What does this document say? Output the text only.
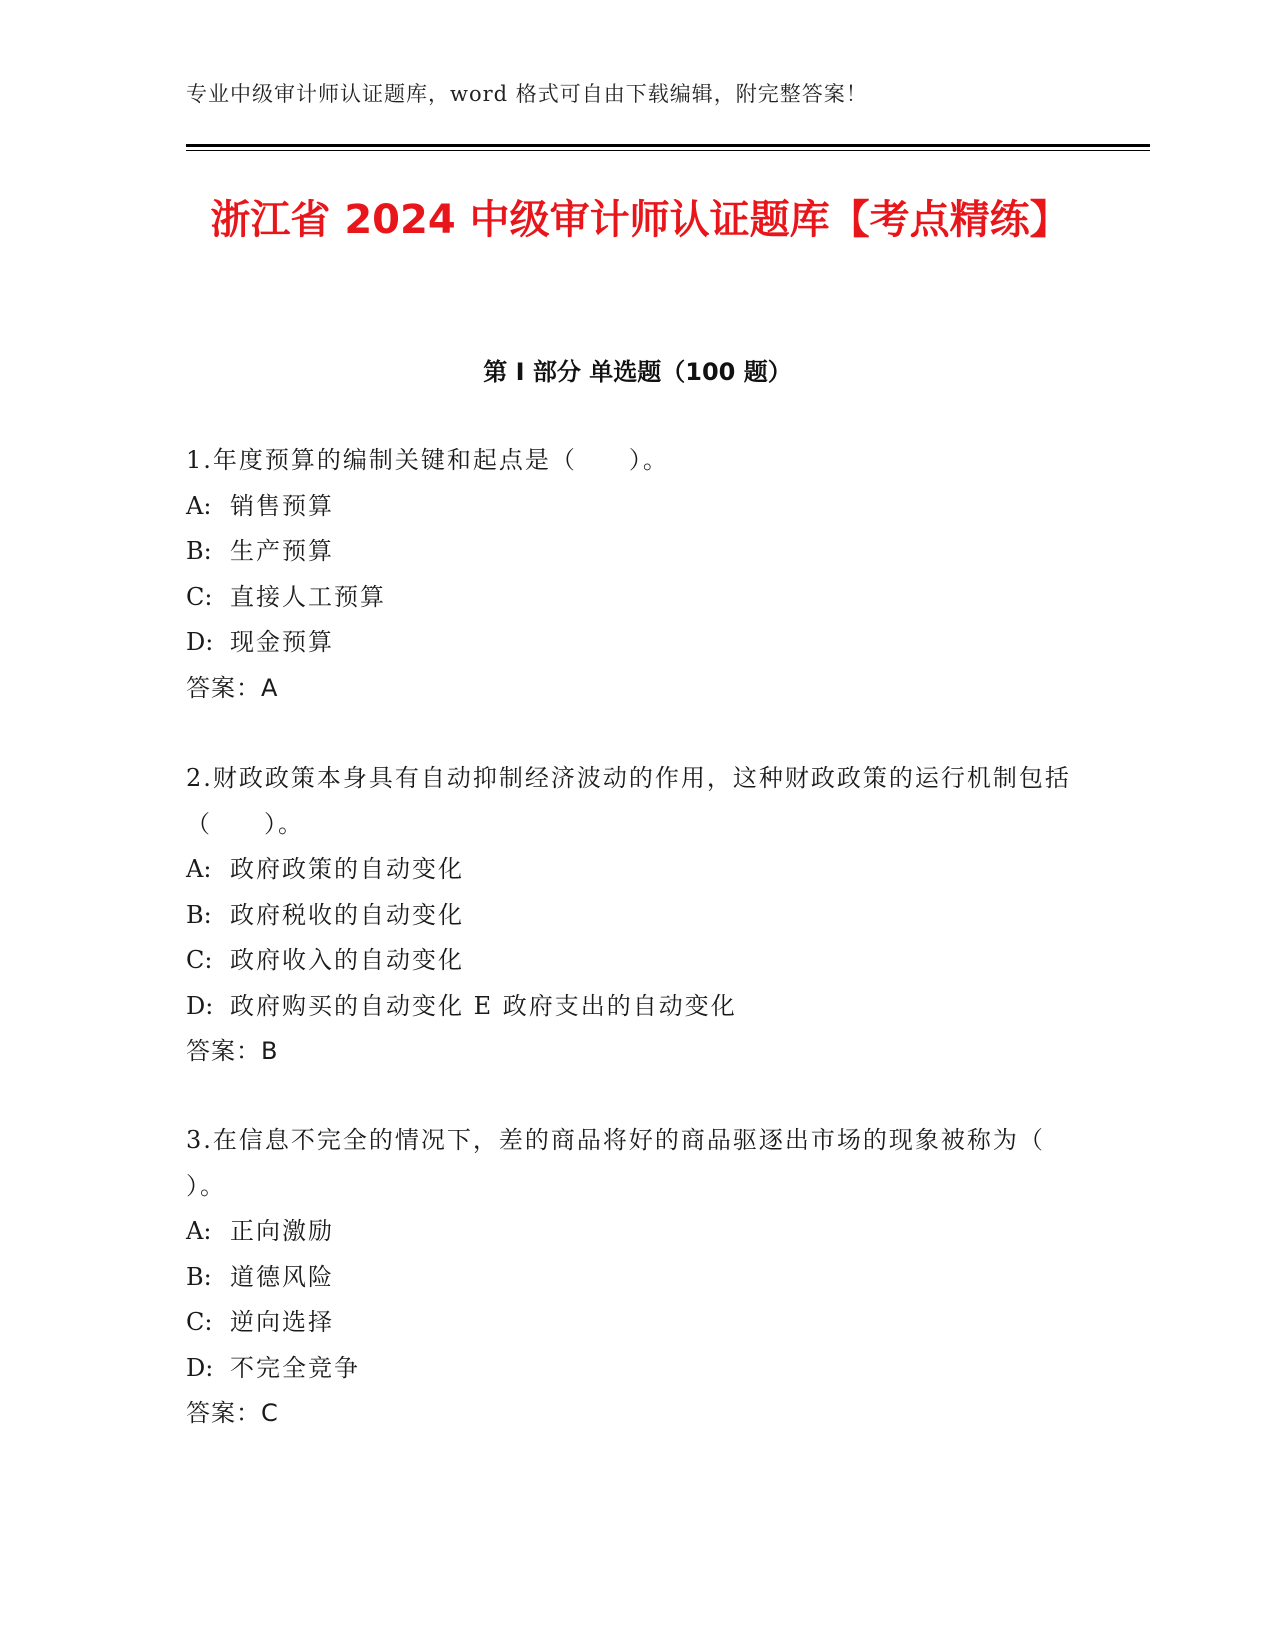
专业中级审计师认证题库，word 格式可自由下载编辑，附完整答案！
浙江省 2024 中级审计师认证题库【考点精练】
第 I 部分 单选题（100 题）

1.年度预算的编制关键和起点是（　　）。

A: 销售预算

B: 生产预算

C: 直接人工预算

D: 现金预算

答案：A

2.财政政策本身具有自动抑制经济波动的作用，这种财政政策的运行机制包括（　　）。

A: 政府政策的自动变化

B: 政府税收的自动变化

C: 政府收入的自动变化

D: 政府购买的自动变化 E 政府支出的自动变化

答案：B

3.在信息不完全的情况下，差的商品将好的商品驱逐出市场的现象被称为（ ）。

A: 正向激励

B: 道德风险

C: 逆向选择

D: 不完全竞争

答案：C
